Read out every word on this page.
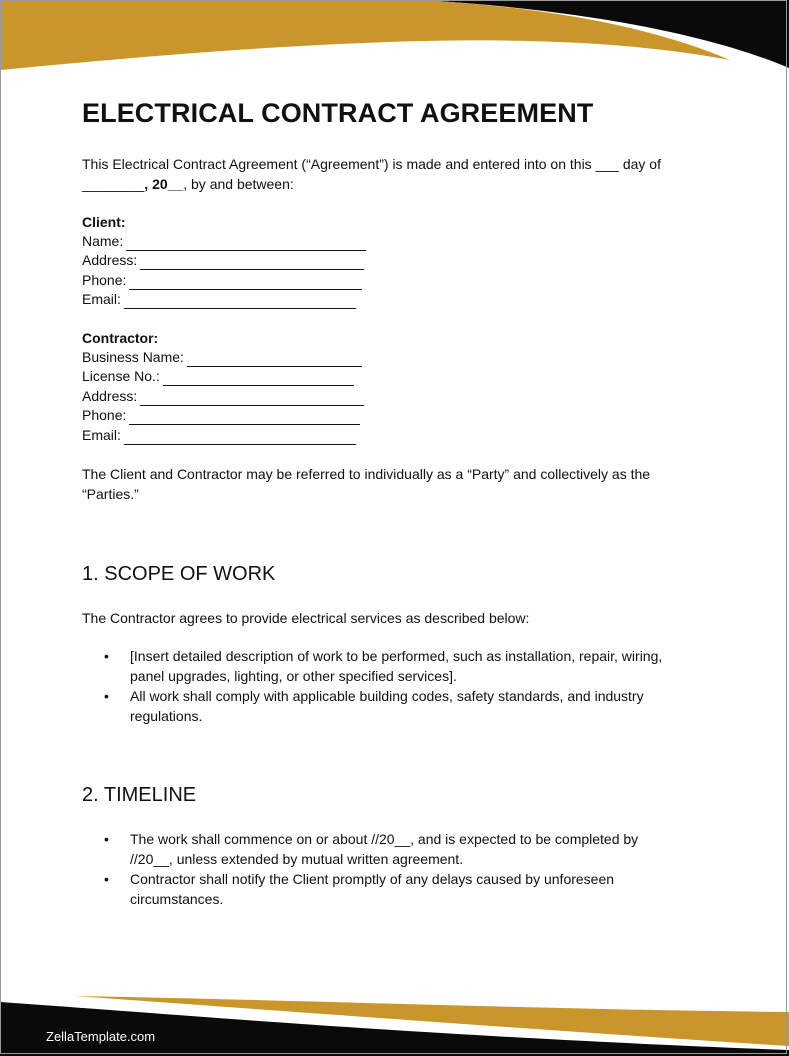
ELECTRICAL CONTRACT AGREEMENT

This Electrical Contract Agreement (“Agreement”) is made and entered into on this ___ day of
________, 20__, by and between:

Client:
Name:
Address:
Phone:
Email:
Contractor:
Business Name:
License No.:
Address:
Phone:
Email:

The Client and Contractor may be referred to individually as a “Party” and collectively as the
“Parties.”

1. SCOPE OF WORK

The Contractor agrees to provide electrical services as described below:

• [Insert detailed description of work to be performed, such as installation, repair, wiring,
panel upgrades, lighting, or other specified services].
• All work shall comply with applicable building codes, safety standards, and industry
regulations.
2. TIMELINE
• The work shall commence on or about //20__, and is expected to be completed by
//20__, unless extended by mutual written agreement.
• Contractor shall notify the Client promptly of any delays caused by unforeseen
circumstances.
ZellaTemplate.com
